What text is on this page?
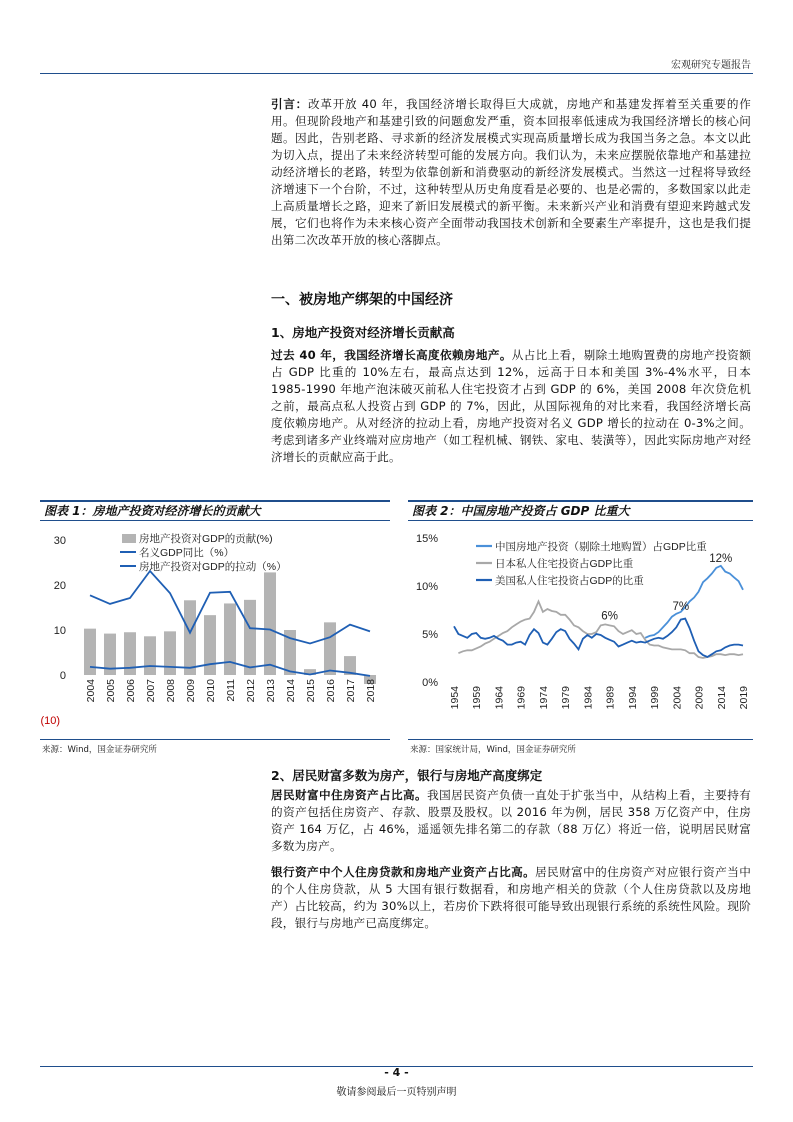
宏观研究专题报告
引言：改革开放 40 年，我国经济增长取得巨大成就，房地产和基建发挥着至关重要的作用。但现阶段地产和基建引致的问题愈发严重，资本回报率低速成为我国经济增长的核心问题。因此，告别老路、寻求新的经济发展模式实现高质量增长成为我国当务之急。本文以此为切入点，提出了未来经济转型可能的发展方向。我们认为，未来应摆脱依靠地产和基建拉动经济增长的老路，转型为依靠创新和消费驱动的新经济发展模式。当然这一过程将导致经济增速下一个台阶，不过，这种转型从历史角度看是必要的、也是必需的，多数国家以此走上高质量增长之路，迎来了新旧发展模式的新平衡。未来新兴产业和消费有望迎来跨越式发展，它们也将作为未来核心资产全面带动我国技术创新和全要素生产率提升，这也是我们提出第二次改革开放的核心落脚点。
一、被房地产绑架的中国经济
1、房地产投资对经济增长贡献高
过去 40 年，我国经济增长高度依赖房地产。从占比上看，剔除土地购置费的房地产投资额占 GDP 比重的 10%左右，最高点达到 12%，远高于日本和美国 3%-4%水平，日本 1985-1990 年地产泡沫破灭前私人住宅投资才占到 GDP 的 6%，美国 2008 年次贷危机之前，最高点私人投资占到 GDP 的 7%，因此，从国际视角的对比来看，我国经济增长高度依赖房地产。从对经济的拉动上看，房地产投资对名义 GDP 增长的拉动在 0-3%之间。考虑到诸多产业终端对应房地产（如工程机械、钢铁、家电、装潢等），因此实际房地产对经济增长的贡献应高于此。
图表 1：房地产投资对经济增长的贡献大
30
20
10
0
(10)
2004 2005 2006 2007 2008 2009 2010 2011 2012 2013 2014 2015 2016 2017 2018
房地产投资对GDP的贡献(%)
名义GDP同比（%）
房地产投资对GDP的拉动（%）
来源：Wind，国金证券研究所
图表 2：中国房地产投资占 GDP 比重大
15%
10%
5%
0%
1954 1959 1964 1969 1974 1979 1984 1989 1994 1999 2004 2009 2014 2019
6%
7%
12%
中国房地产投资（剔除土地购置）占GDP比重
日本私人住宅投资占GDP比重
美国私人住宅投资占GDP的比重
来源：国家统计局，Wind，国金证券研究所
2、居民财富多数为房产，银行与房地产高度绑定
居民财富中住房资产占比高。我国居民资产负债一直处于扩张当中，从结构上看，主要持有的资产包括住房资产、存款、股票及股权。以 2016 年为例，居民 358 万亿资产中，住房资产 164 万亿，占 46%，遥遥领先排名第二的存款（88 万亿）将近一倍，说明居民财富多数为房产。
银行资产中个人住房贷款和房地产业资产占比高。居民财富中的住房资产对应银行资产当中的个人住房贷款，从 5 大国有银行数据看，和房地产相关的贷款（个人住房贷款以及房地产）占比较高，约为 30%以上，若房价下跌将很可能导致出现银行系统的系统性风险。现阶段，银行与房地产已高度绑定。
- 4 -
敬请参阅最后一页特别声明
